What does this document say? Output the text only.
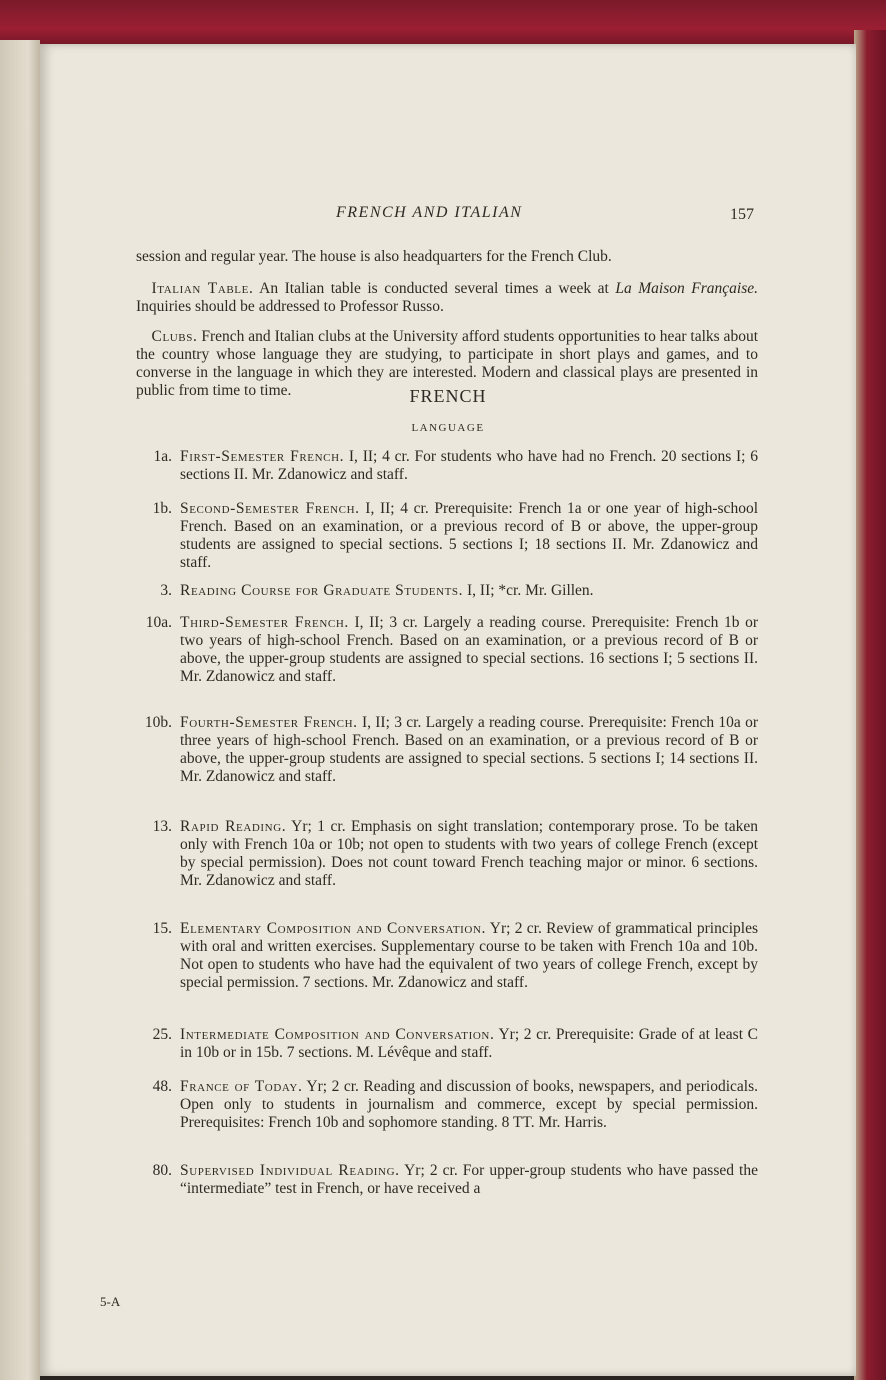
FRENCH AND ITALIAN	157
session and regular year. The house is also headquarters for the French Club.
 Italian Table. An Italian table is conducted several times a week at La Maison Française. Inquiries should be addressed to Professor Russo.
 Clubs. French and Italian clubs at the University afford students opportunities to hear talks about the country whose language they are studying, to participate in short plays and games, and to converse in the language in which they are interested. Modern and classical plays are presented in public from time to time.	FRENCH
LANGUAGE
1a. First-Semester French. I, II; 4 cr. For students who have had no French. 20 sections I; 6 sections II. Mr. Zdanowicz and staff.
1b. Second-Semester French. I, II; 4 cr. Prerequisite: French 1a or one year of high-school French. Based on an examination, or a previous record of B or above, the upper-group students are assigned to special sections. 5 sections I; 18 sections II. Mr. Zdanowicz and staff.
3. Reading Course for Graduate Students. I, II; *cr. Mr. Gillen.
10a. Third-Semester French. I, II; 3 cr. Largely a reading course. Prerequisite: French 1b or two years of high-school French. Based on an examination, or a previous record of B or above, the upper-group students are assigned to special sections. 16 sections I; 5 sections II. Mr. Zdanowicz and staff.
10b. Fourth-Semester French. I, II; 3 cr. Largely a reading course. Prerequisite: French 10a or three years of high-school French. Based on an examination, or a previous record of B or above, the upper-group students are assigned to special sections. 5 sections I; 14 sections II. Mr. Zdanowicz and staff.
13. Rapid Reading. Yr; 1 cr. Emphasis on sight translation; contemporary prose. To be taken only with French 10a or 10b; not open to students with two years of college French (except by special permission). Does not count toward French teaching major or minor. 6 sections. Mr. Zdanowicz and staff.
15. Elementary Composition and Conversation. Yr; 2 cr. Review of grammatical principles with oral and written exercises. Supplementary course to be taken with French 10a and 10b. Not open to students who have had the equivalent of two years of college French, except by special permission. 7 sections. Mr. Zdanowicz and staff.
25. Intermediate Composition and Conversation. Yr; 2 cr. Prerequisite: Grade of at least C in 10b or in 15b. 7 sections. M. Lévêque and staff.
48. France of Today. Yr; 2 cr. Reading and discussion of books, newspapers, and periodicals. Open only to students in journalism and commerce, except by special permission. Prerequisites: French 10b and sophomore standing. 8 TT. Mr. Harris.
80. Supervised Individual Reading. Yr; 2 cr. For upper-group students who have passed the “intermediate” test in French, or have received a
5-A
